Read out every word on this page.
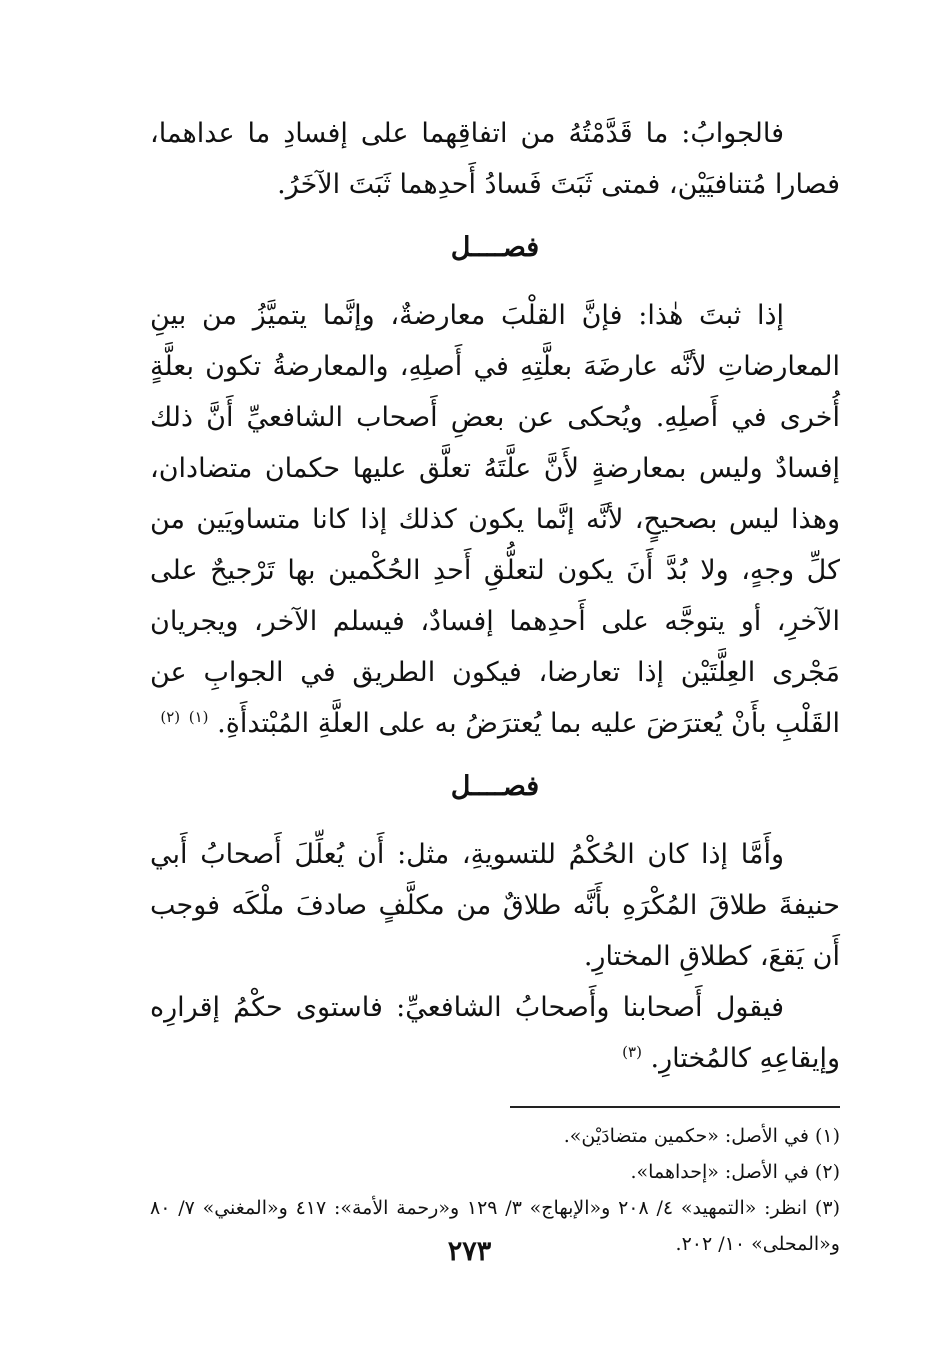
فالجوابُ: ما قَدَّمْتُهُ من اتفاقِهما على إفسادِ ما عداهما، فصارا مُتنافيَيْن، فمتى ثَبَتَ فَسادُ أَحدِهما ثَبَتَ الآخَرُ.

فصــــل

إذا ثبتَ هٰذا: فإنَّ القلْبَ معارضةٌ، وإنَّما يتميَّزُ من بينِ المعارضاتِ لأنَّه عارضَهَ بعلَّتِهِ في أَصلِهِ، والمعارضةُ تكون بعلَّةٍ أُخرى في أَصلِهِ. ويُحكى عن بعضِ أَصحاب الشافعيِّ أَنَّ ذلك إفسادٌ وليس بمعارضةٍ لأَنَّ علَّتَهُ تعلَّق عليها حكمان متضادان، وهذا ليس بصحيحٍ، لأنَّه إنَّما يكون كذلك إذا كانا متساويَين من كلِّ وجهٍ، ولا بُدَّ أَنَ يكون لتعلُّقِ أَحدِ الحُكْمين بها تَرْجيحٌ على الآخرِ، أو يتوجَّه على أَحدِهما إفسادٌ، فيسلم الآخر، ويجريان مَجْرى العِلَّتَيْن إذا تعارضا، فيكون الطريق في الجوابِ عن القَلْبِ بأَنْ يُعترَضَ عليه بما يُعترَضُ به على العلَّةِ المُبْتدأَةِ. $^{(١)}$ $^{(٢)}$

فصــــل

وأَمَّا إذا كان الحُكْمُ للتسويةِ، مثل: أَن يُعلِّلَ أَصحابُ أَبي حنيفةَ طلاقَ المُكْرَهِ بأَنَّه طلاقٌ من مكلَّفٍ صادفَ ملْكَه فوجب أَن يَقعَ، كطلاقِ المختارِ.

فيقول أَصحابنا وأَصحابُ الشافعيِّ: فاستوى حكْمُ إقرارِه وإيقاعِهِ كالمُختارِ. $^{(٣)}$

(١) في الأصل: «حكمين متضادَيْن».

(٢) في الأصل: «إحداهما».

(٣) انظر: «التمهيد» ٤/ ٢٠٨ و«الإبهاج» ٣/ ١٢٩ و«رحمة الأمة»: ٤١٧ و«المغني» ٧/ ٨٠ و«المحلى» ١٠/ ٢٠٢.

٢٧٣
